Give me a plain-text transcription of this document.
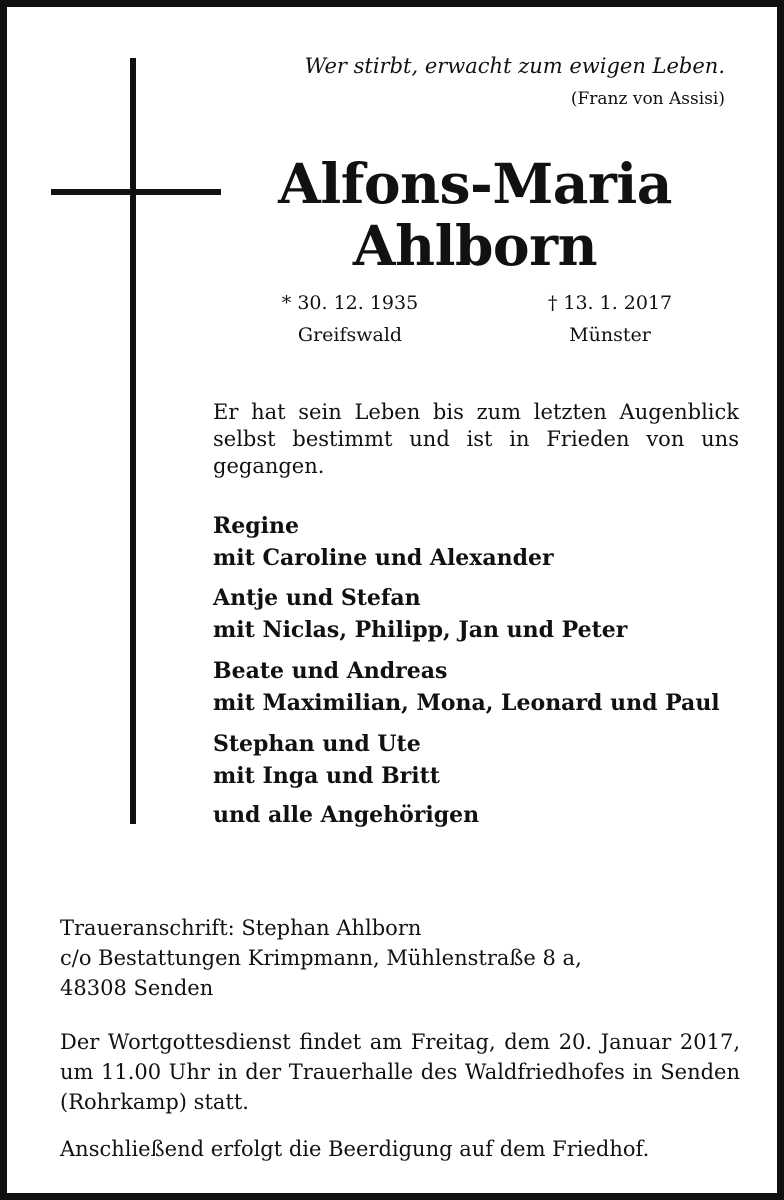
Wer stirbt, erwacht zum ewigen Leben.
(Franz von Assisi)
Alfons-Maria
Ahlborn
* 30. 12. 1935
Greifswald
† 13. 1. 2017
Münster
Er hat sein Leben bis zum letzten Augenblick selbst bestimmt und ist in Frieden von uns gegangen.
Regine
mit Caroline und Alexander
Antje und Stefan
mit Niclas, Philipp, Jan und Peter
Beate und Andreas
mit Maximilian, Mona, Leonard und Paul
Stephan und Ute
mit Inga und Britt
und alle Angehörigen
Traueranschrift: Stephan Ahlborn
c/o Bestattungen Krimpmann, Mühlenstraße 8 a,
48308 Senden
Der Wortgottesdienst findet am Freitag, dem 20. Januar 2017, um 11.00 Uhr in der Trauerhalle des Waldfriedhofes in Senden (Rohrkamp) statt.
Anschließend erfolgt die Beerdigung auf dem Friedhof.
